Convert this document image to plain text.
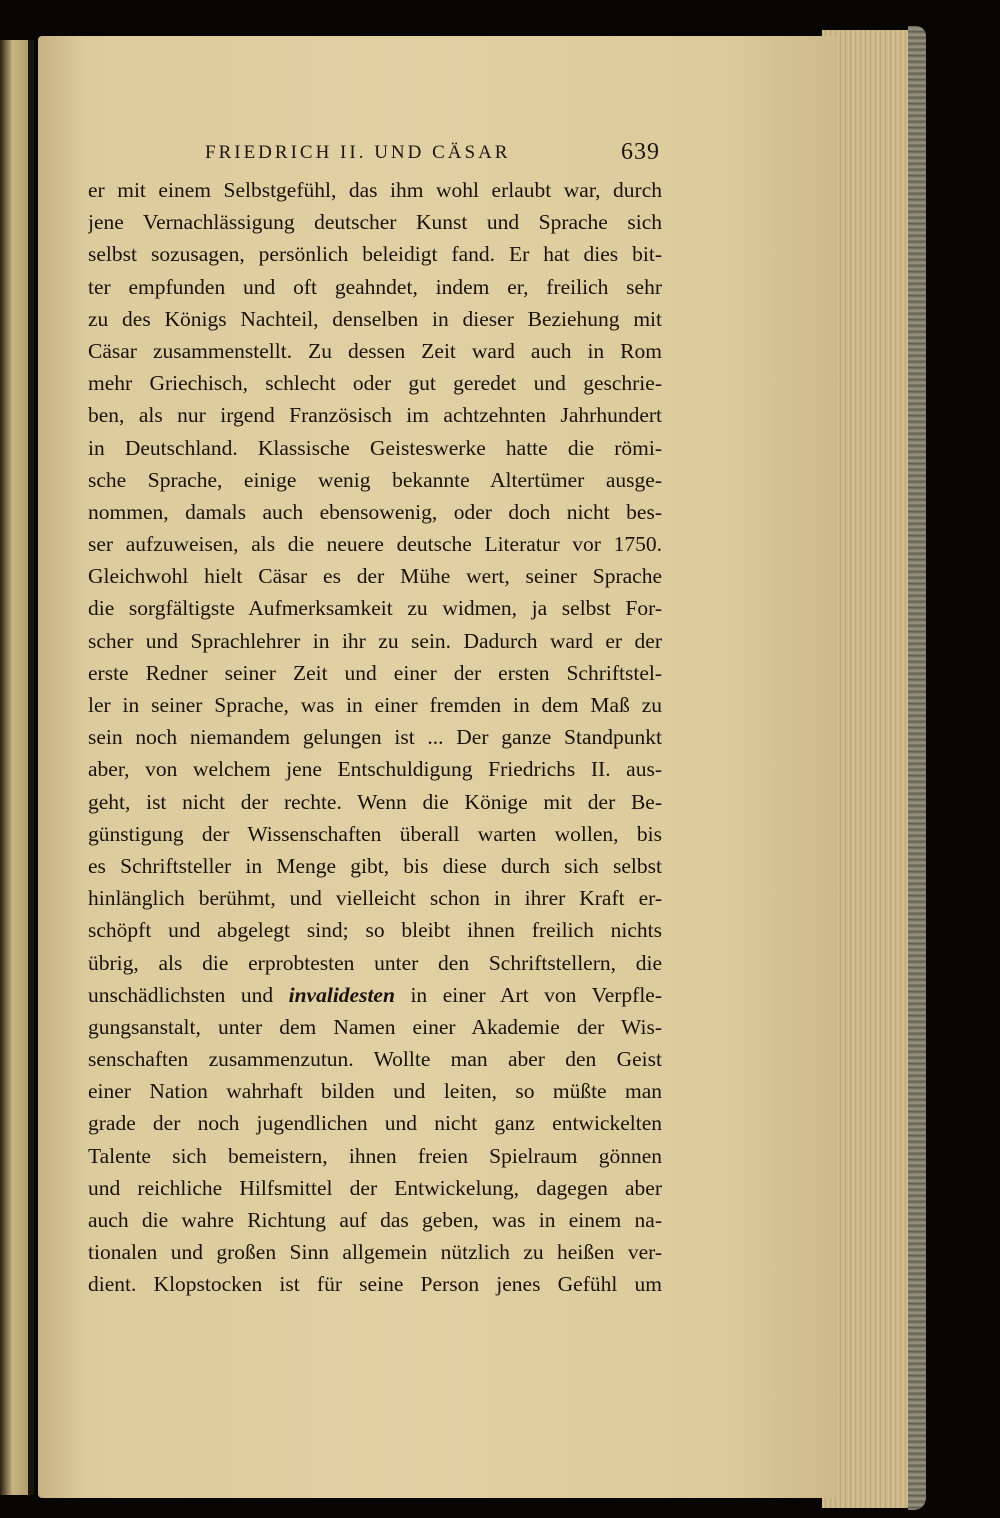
FRIEDRICH II. UND CÄSAR	639
er mit einem Selbstgefühl, das ihm wohl erlaubt war, durch
jene Vernachlässigung deutscher Kunst und Sprache sich
selbst sozusagen, persönlich beleidigt fand. Er hat dies bit-
ter empfunden und oft geahndet, indem er, freilich sehr
zu des Königs Nachteil, denselben in dieser Beziehung mit
Cäsar zusammenstellt. Zu dessen Zeit ward auch in Rom
mehr Griechisch, schlecht oder gut geredet und geschrie-
ben, als nur irgend Französisch im achtzehnten Jahrhundert
in Deutschland. Klassische Geisteswerke hatte die römi-
sche Sprache, einige wenig bekannte Altertümer ausge-
nommen, damals auch ebensowenig, oder doch nicht bes-
ser aufzuweisen, als die neuere deutsche Literatur vor 1750.
Gleichwohl hielt Cäsar es der Mühe wert, seiner Sprache
die sorgfältigste Aufmerksamkeit zu widmen, ja selbst For-
scher und Sprachlehrer in ihr zu sein. Dadurch ward er der
erste Redner seiner Zeit und einer der ersten Schriftstel-
ler in seiner Sprache, was in einer fremden in dem Maß zu
sein noch niemandem gelungen ist ... Der ganze Standpunkt
aber, von welchem jene Entschuldigung Friedrichs II. aus-
geht, ist nicht der rechte. Wenn die Könige mit der Be-
günstigung der Wissenschaften überall warten wollen, bis
es Schriftsteller in Menge gibt, bis diese durch sich selbst
hinlänglich berühmt, und vielleicht schon in ihrer Kraft er-
schöpft und abgelegt sind; so bleibt ihnen freilich nichts
übrig, als die erprobtesten unter den Schriftstellern, die
unschädlichsten und invalidesten in einer Art von Verpfle-
gungsanstalt, unter dem Namen einer Akademie der Wis-
senschaften zusammenzutun. Wollte man aber den Geist
einer Nation wahrhaft bilden und leiten, so müßte man
grade der noch jugendlichen und nicht ganz entwickelten
Talente sich bemeistern, ihnen freien Spielraum gönnen
und reichliche Hilfsmittel der Entwickelung, dagegen aber
auch die wahre Richtung auf das geben, was in einem na-
tionalen und großen Sinn allgemein nützlich zu heißen ver-
dient. Klopstocken ist für seine Person jenes Gefühl um
